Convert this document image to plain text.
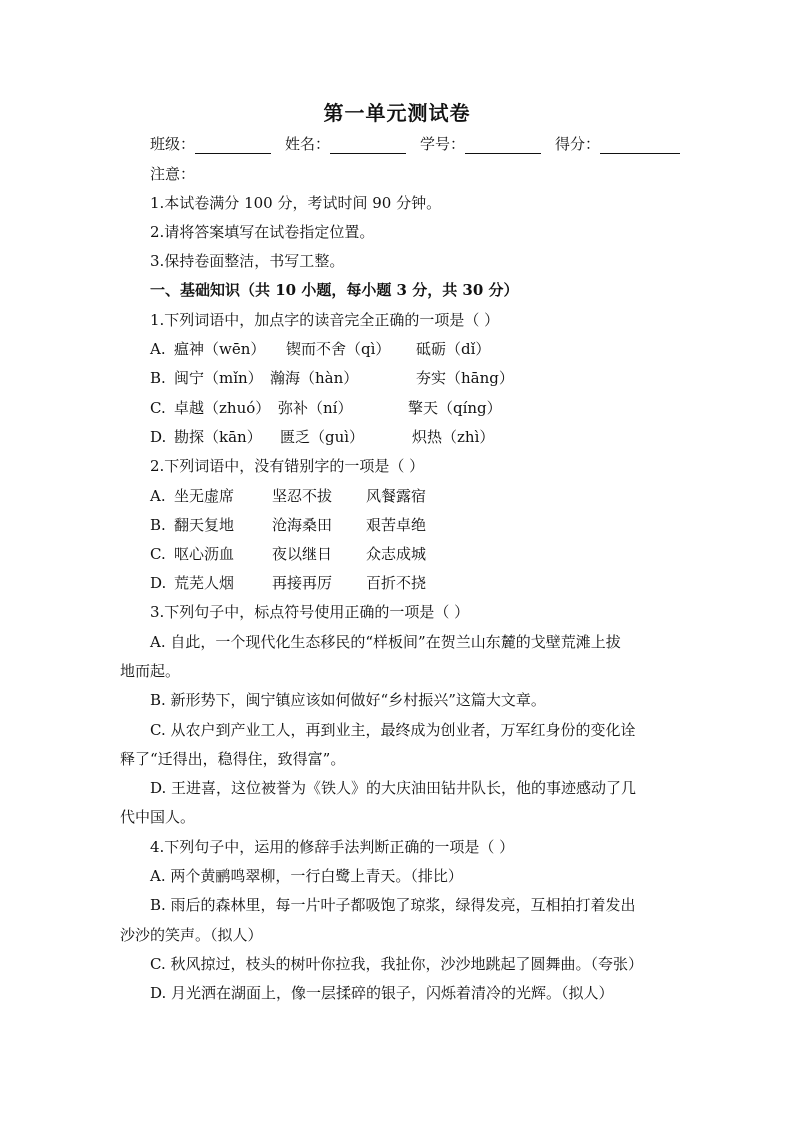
第一单元测试卷
班级：	姓名：	学号：	得分：
注意：
1.本试卷满分 100 分，考试时间 90 分钟。
2.请将答案填写在试卷指定位置。
3.保持卷面整洁，书写工整。
一、基础知识（共 10 小题，每小题 3 分，共 30 分）
1.下列词语中，加点字的读音完全正确的一项是（ ）
A. 瘟神（wēn） 锲而不舍（qì） 砥砺（dǐ）
B. 闽宁（mǐn） 瀚海（hàn）	夯实（hāng）
C. 卓越（zhuó） 弥补（ní）	擎天（qíng）
D. 勘探（kān） 匮乏（guì）	炽热（zhì）
2.下列词语中，没有错别字的一项是（ ）
A. 坐无虚席	坚忍不拔 风餐露宿
B. 翻天复地	沧海桑田 艰苦卓绝
C. 呕心沥血	夜以继日 众志成城
D. 荒芜人烟	再接再厉 百折不挠
3.下列句子中，标点符号使用正确的一项是（ ）
A. 自此，一个现代化生态移民的“样板间”在贺兰山东麓的戈壁荒滩上拔
地而起。
B. 新形势下，闽宁镇应该如何做好“乡村振兴”这篇大文章。
C. 从农户到产业工人，再到业主，最终成为创业者，万军红身份的变化诠
释了“迁得出，稳得住，致得富”。
D. 王进喜，这位被誉为《铁人》的大庆油田钻井队长，他的事迹感动了几
代中国人。
4.下列句子中，运用的修辞手法判断正确的一项是（ ）
A. 两个黄鹂鸣翠柳，一行白鹭上青天。（排比）
B. 雨后的森林里，每一片叶子都吸饱了琼浆，绿得发亮，互相拍打着发出
沙沙的笑声。（拟人）
C. 秋风掠过，枝头的树叶你拉我，我扯你，沙沙地跳起了圆舞曲。（夸张）
D. 月光洒在湖面上，像一层揉碎的银子，闪烁着清冷的光辉。（拟人）
